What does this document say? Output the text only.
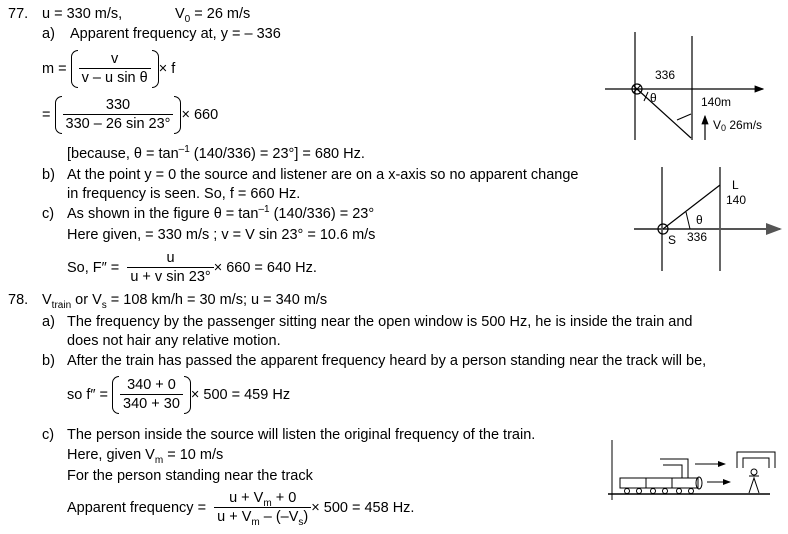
77. u = 330 m/s,	$V_0 = 26$ m/s
a) Apparent frequency at, y = – 336
m =
$\frac{v}{\text{v – u sin θ}} \times f$
=
$\frac{330}{330 - 26 \sin 23^\circ} \times 660$
[because, $\theta = \tan^{-1} (140/336) = 23^\circ] = 680$ Hz.
b) At the point y = 0 the source and listener are on a x-axis so no apparent change
in frequency is seen. So, f = 660 Hz.
c) As shown in the figure $\theta = \tan^{-1} (140/336) = 23^\circ$
Here given, = 330 m/s ; v = V sin 23° = 10.6 m/s
So, F″ =
$\frac{u}{\text{u + v sin 23°}} \times 660 = 640$ Hz.
336
θ	140m
V0 26m/s
L
140
θ
S 336
78. $V_{train}$ or $V_s = 108$ km/h = 30 m/s; u = 340 m/s
a) The frequency by the passenger sitting near the open window is 500 Hz, he is inside the train and
does not hair any relative motion.
b) After the train has passed the apparent frequency heard by a person standing near the track will be,
so f″ =
$\frac{340 + 0}{340 + 30} \times 500 = 459$ Hz
c) The person inside the source will listen the original frequency of the train.
Here, given $V_m = 10$ m/s
For the person standing near the track
Apparent frequency =
$\frac{u + V_m + 0}{u + V_m - (-V_s)} \times 500 = 458$ Hz.
